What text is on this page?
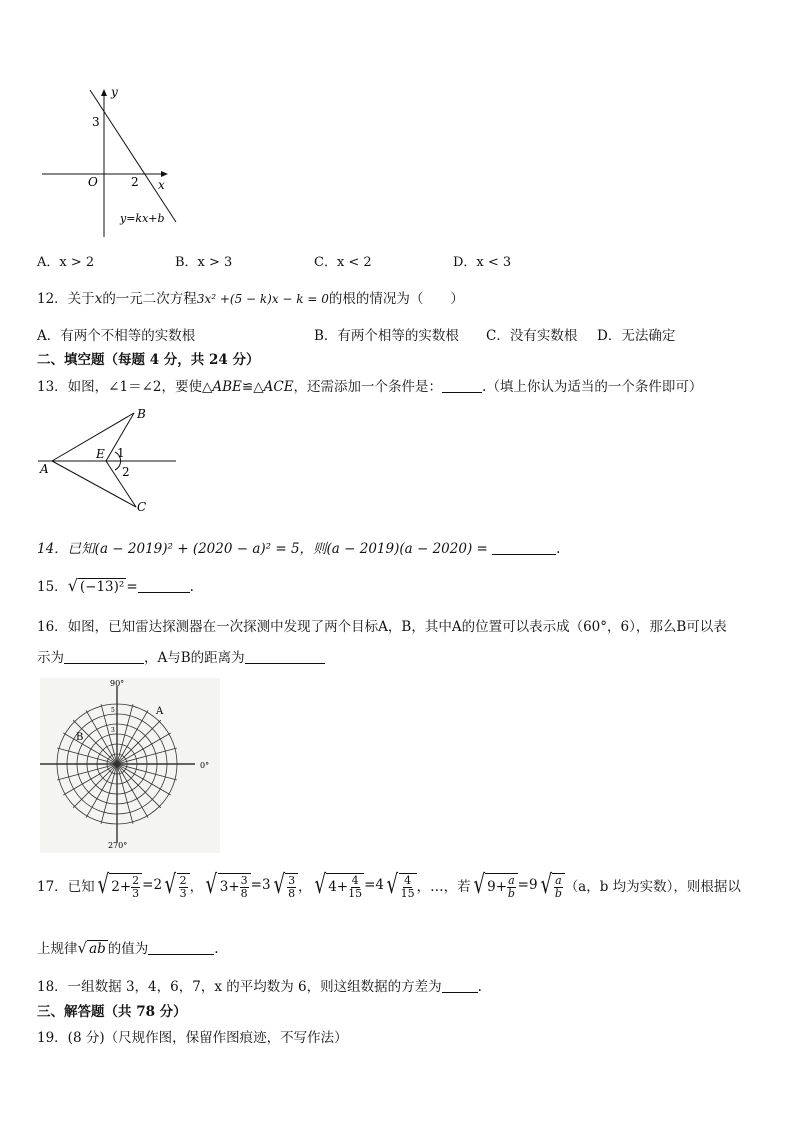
y
x
O
3
2
y=kx+b
A．x > 2	B．x > 3	C．x < 2	D．x < 3
12．关于x的一元二次方程3x² +(5 − k)x − k = 0的根的情况为（　　）
A．有两个不相等的实数根	B．有两个相等的实数根 C．没有实数根 D．无法确定
二、填空题（每题 4 分，共 24 分）
13．如图，∠1＝∠2，要使△ABE≌△ACE，还需添加一个条件是：	.（填上你认为适当的一个条件即可）
A
B
C
E 1
2
14．已知(a − 2019)² + (2020 − a)² = 5，则(a − 2019)(a − 2020) =	.
15．√ (−13)² =	.
16．如图，已知雷达探测器在一次探测中发现了两个目标A，B，其中A的位置可以表示成（60°，6），那么B可以表
示为	，A与B的距离为
90°
0°
270°
A
B
5
3
17．已知 √ $2 + \frac{2}{3} = 2$ √ $\frac{2}{3}$ ， √ $3 + \frac{3}{8} = 3$ √ $\frac{3}{8}$ ， √ $4 + \frac{4}{15} = 4$ √ $\frac{4}{15}$ ，…，若 √ $9 + \frac{a}{b} = 9$ √ $\frac{a}{b} (a$，b 均为实数），则根据以
上规律√ ab 的值为	.
18．一组数据 3，4，6，7，x 的平均数为 6，则这组数据的方差为	.
三、解答题（共 78 分）
19．(8 分)（尺规作图，保留作图痕迹，不写作法）
